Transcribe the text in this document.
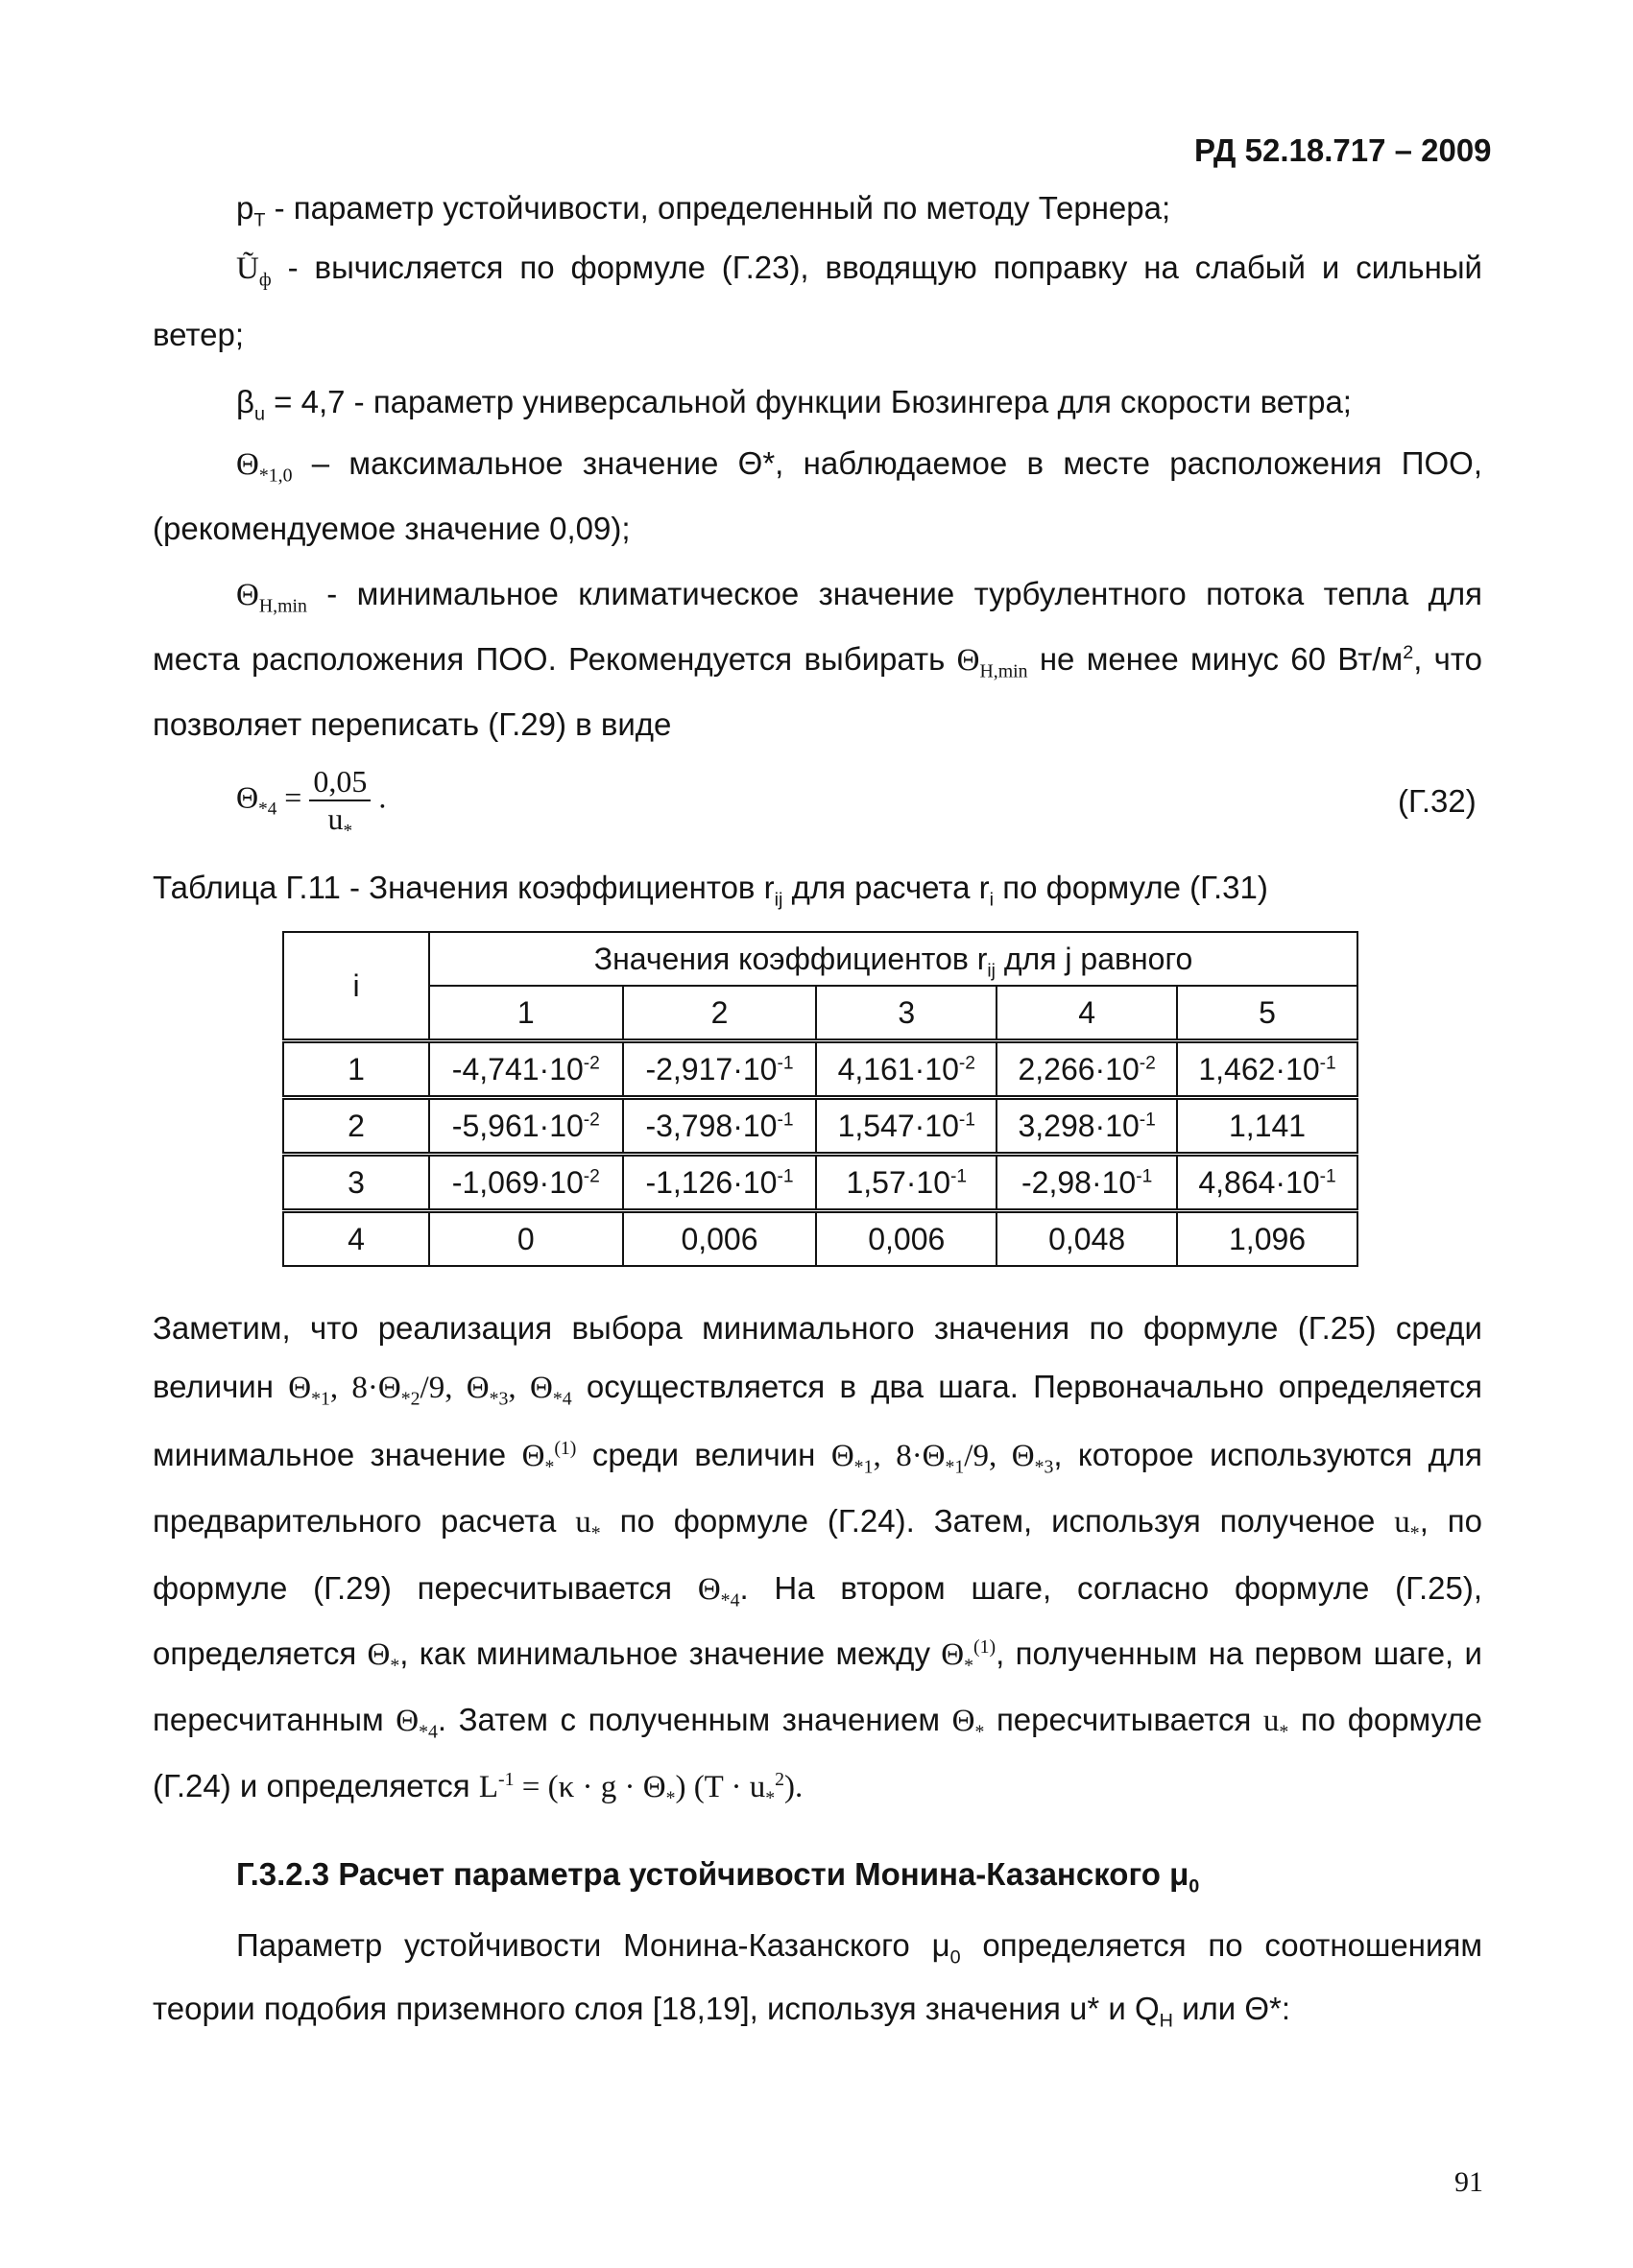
РД 52.18.717 – 2009
$p_T$ - параметр устойчивости, определенный по методу Тернера;
$Ũ_ф$ - вычисляется по формуле (Г.23), вводящую поправку на слабый и сильный
ветер;
$\beta_u = 4,7$ - параметр универсальной функции Бюзингера для скорости ветра;
$\Theta_{*1,0}$ – максимальное значение Θ*, наблюдаемое в месте расположения ПОО,
(рекомендуемое значение 0,09);
$\Theta_{H,min}$ - минимальное климатическое значение турбулентного потока тепла для
места расположения ПОО. Рекомендуется выбирать $\Theta_{H,min}$ не менее минус 60 $Вт/м^2$, что
позволяет переписать (Г.29) в виде
$\Theta_{*4} = \frac{0,05}{u_*}$ .	(Г.32)
Таблица Г.11 - Значения коэффициентов $r_{ij}$ для расчета $r_i$ по формуле (Г.31)
i	Значения коэффициентов $r_{ij}$ для j равного				
	1	2	3	4	5
1	$-4,741\cdot 10^{-2}$	$-2,917\cdot 10^{-1}$	$4,161\cdot 10^{-2}$	$2,266\cdot 10^{-2}$	$1,462\cdot 10^{-1}$
2	$-5,961\cdot 10^{-2}$	$-3,798\cdot 10^{-1}$	$1,547\cdot 10^{-1}$	$3,298\cdot 10^{-1}$	1,141
3	$-1,069\cdot 10^{-2}$	$-1,126\cdot 10^{-1}$	$1,57\cdot 10^{-1}$	$-2,98\cdot 10^{-1}$	$4,864\cdot 10^{-1}$
4	0	0,006	0,006	0,048	1,096
Заметим, что реализация выбора минимального значения по формуле (Г.25) среди
величин $\Theta_{*1}$, $8\cdot\Theta_{*2}/9$, $\Theta_{*3}$, $\Theta_{*4}$ осуществляется в два шага. Первоначально определяется
минимальное значение $\Theta_*^{(1)}$ среди величин $\Theta_{*1}$, $8\cdot\Theta_{*1}/9$, $\Theta_{*3}$, которое используются для
предварительного расчета $u_*$ по формуле (Г.24). Затем, используя полученое $u_*$, по
формуле (Г.29) пересчитывается $\Theta_{*4}$. На втором шаге, согласно формуле (Г.25),
определяется $\Theta_*$, как минимальное значение между $\Theta_*^{(1)}$, полученным на первом шаге, и
пересчитанным $\Theta_{*4}$. Затем с полученным значением $\Theta_*$ пересчитывается $u_*$ по формуле
(Г.24) и определяется $L^{-1} = (\kappa \cdot g \cdot \Theta_*) (T \cdot u_*^2)$.
Г.3.2.3 Расчет параметра устойчивости Монина-Казанского $\mu_0$
Параметр устойчивости Монина-Казанского $\mu_0$ определяется по соотношениям
теории подобия приземного слоя [18,19], используя значения u* и $Q_H$ или Θ*:
91
